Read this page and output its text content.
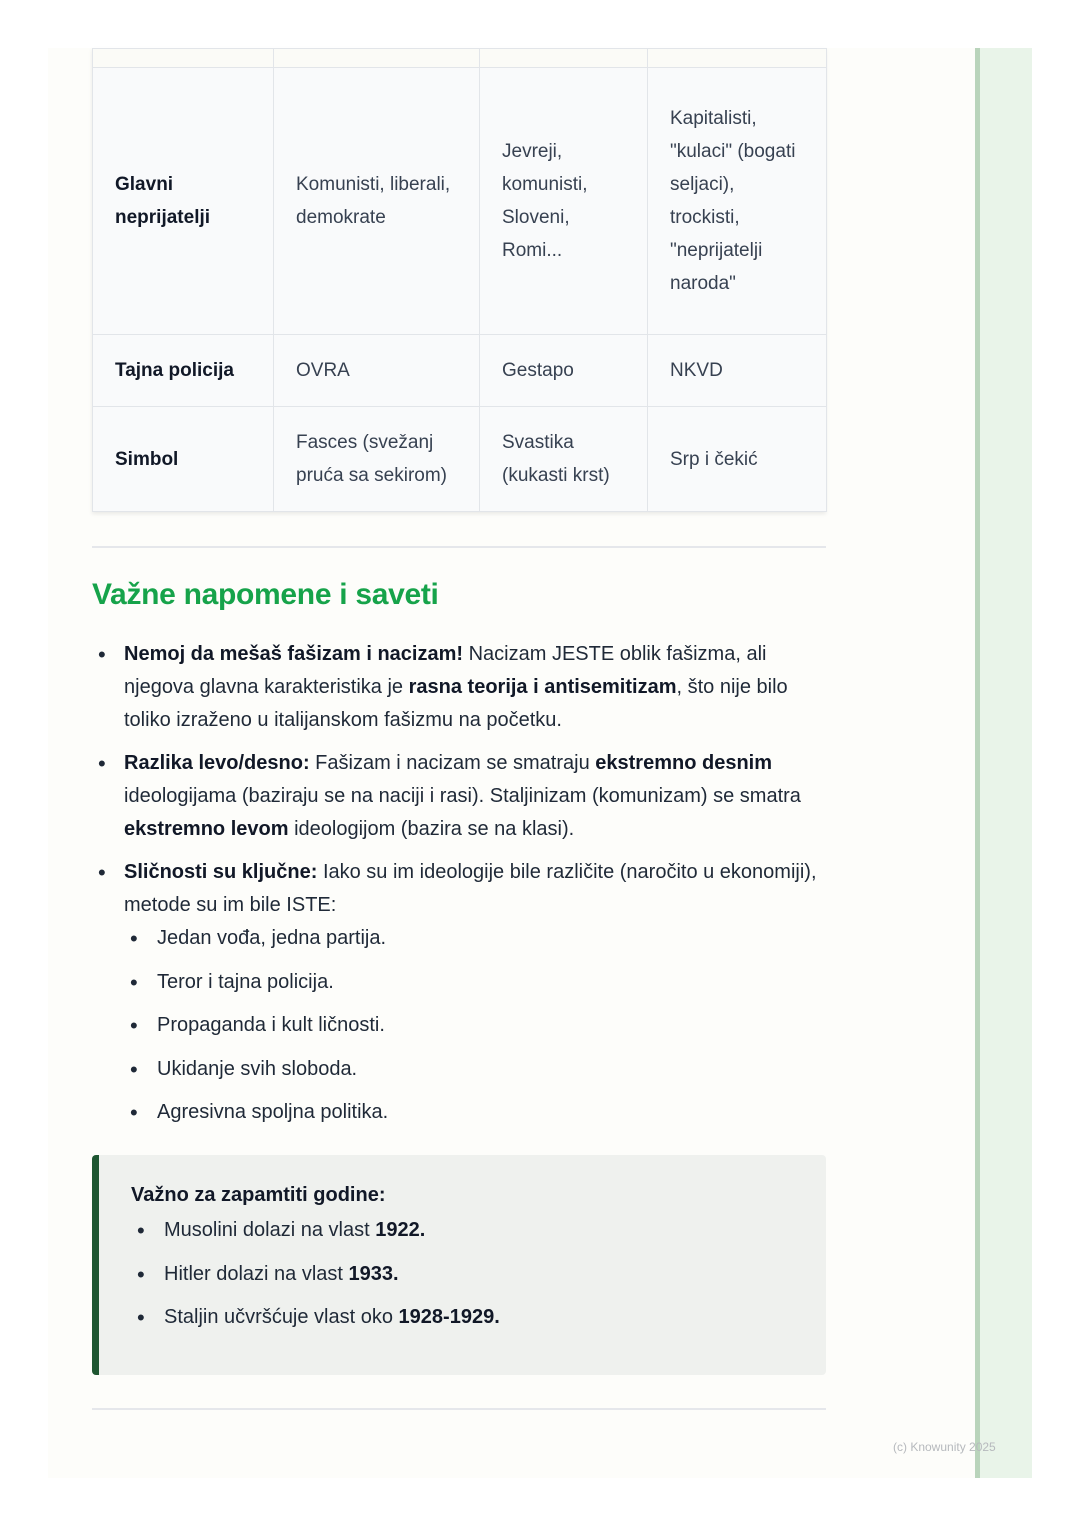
Glavni neprijatelji	Komunisti, liberali, demokrate	Jevreji, komunisti, Sloveni, Romi...	Kapitalisti, "kulaci" (bogati seljaci), trockisti, "neprijatelji naroda"
Tajna policija	OVRA	Gestapo	NKVD
Simbol	Fasces (svežanj pruća sa sekirom)	Svastika (kukasti krst)	Srp i čekić
Važne napomene i saveti
• Nemoj da mešaš fašizam i nacizam! Nacizam JESTE oblik fašizma, ali njegova glavna karakteristika je rasna teorija i antisemitizam, što nije bilo toliko izraženo u italijanskom fašizmu na početku.
• Razlika levo/desno: Fašizam i nacizam se smatraju ekstremno desnim ideologijama (baziraju se na naciji i rasi). Staljinizam (komunizam) se smatra ekstremno levom ideologijom (bazira se na klasi).
• Sličnosti su ključne: Iako su im ideologije bile različite (naročito u ekonomiji), metode su im bile ISTE:
• Jedan vođa, jedna partija.
• Teror i tajna policija.
• Propaganda i kult ličnosti.
• Ukidanje svih sloboda.
• Agresivna spoljna politika.
Važno za zapamtiti godine:
• Musolini dolazi na vlast 1922.
• Hitler dolazi na vlast 1933.
• Staljin učvršćuje vlast oko 1928-1929.
(c) Knowunity 2025
